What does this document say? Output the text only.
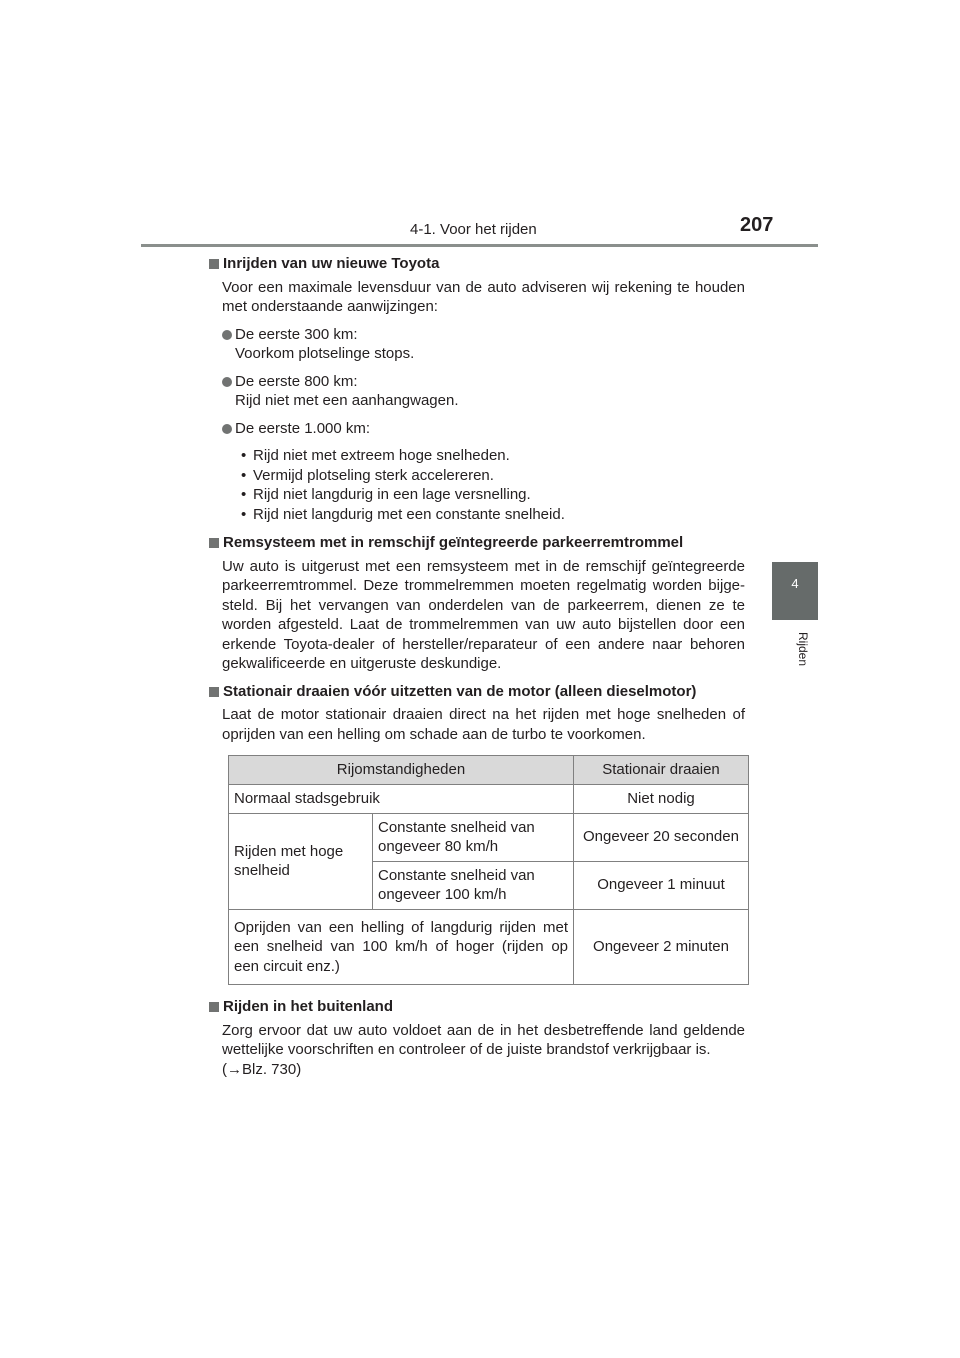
4-1. Voor het rijden	207
4
Rijden
Inrijden van uw nieuwe Toyota
Voor een maximale levensduur van de auto adviseren wij rekening te houden met onderstaande aanwijzingen:
De eerste 300 km:
Voorkom plotselinge stops.
De eerste 800 km:
Rijd niet met een aanhangwagen.
De eerste 1.000 km:
• Rijd niet met extreem hoge snelheden.
• Vermijd plotseling sterk accelereren.
• Rijd niet langdurig in een lage versnelling.
• Rijd niet langdurig met een constante snelheid.
Remsysteem met in remschijf geïntegreerde parkeerremtrommel
Uw auto is uitgerust met een remsysteem met in de remschijf geïntegreerde parkeerremtrommel. Deze trommelremmen moeten regelmatig worden bijge-steld. Bij het vervangen van onderdelen van de parkeerrem, dienen ze te worden afgesteld. Laat de trommelremmen van uw auto bijstellen door een erkende Toyota-dealer of hersteller/reparateur of een andere naar behoren gekwalificeerde en uitgeruste deskundige.
Stationair draaien vóór uitzetten van de motor (alleen dieselmotor)
Laat de motor stationair draaien direct na het rijden met hoge snelheden of oprijden van een helling om schade aan de turbo te voorkomen.
Rijomstandigheden		Stationair draaien
Normaal stadsgebruik		Niet nodig
Rijden met hoge snelheid	Constante snelheid van ongeveer 80 km/h	Ongeveer 20 seconden
	Constante snelheid van ongeveer 100 km/h	Ongeveer 1 minuut
Oprijden van een helling of langdurig rijden met een snelheid van 100 km/h of hoger (rijden op een circuit enz.)		Ongeveer 2 minuten
Rijden in het buitenland
Zorg ervoor dat uw auto voldoet aan de in het desbetreffende land geldende wettelijke voorschriften en controleer of de juiste brandstof verkrijgbaar is.
(→Blz. 730)
